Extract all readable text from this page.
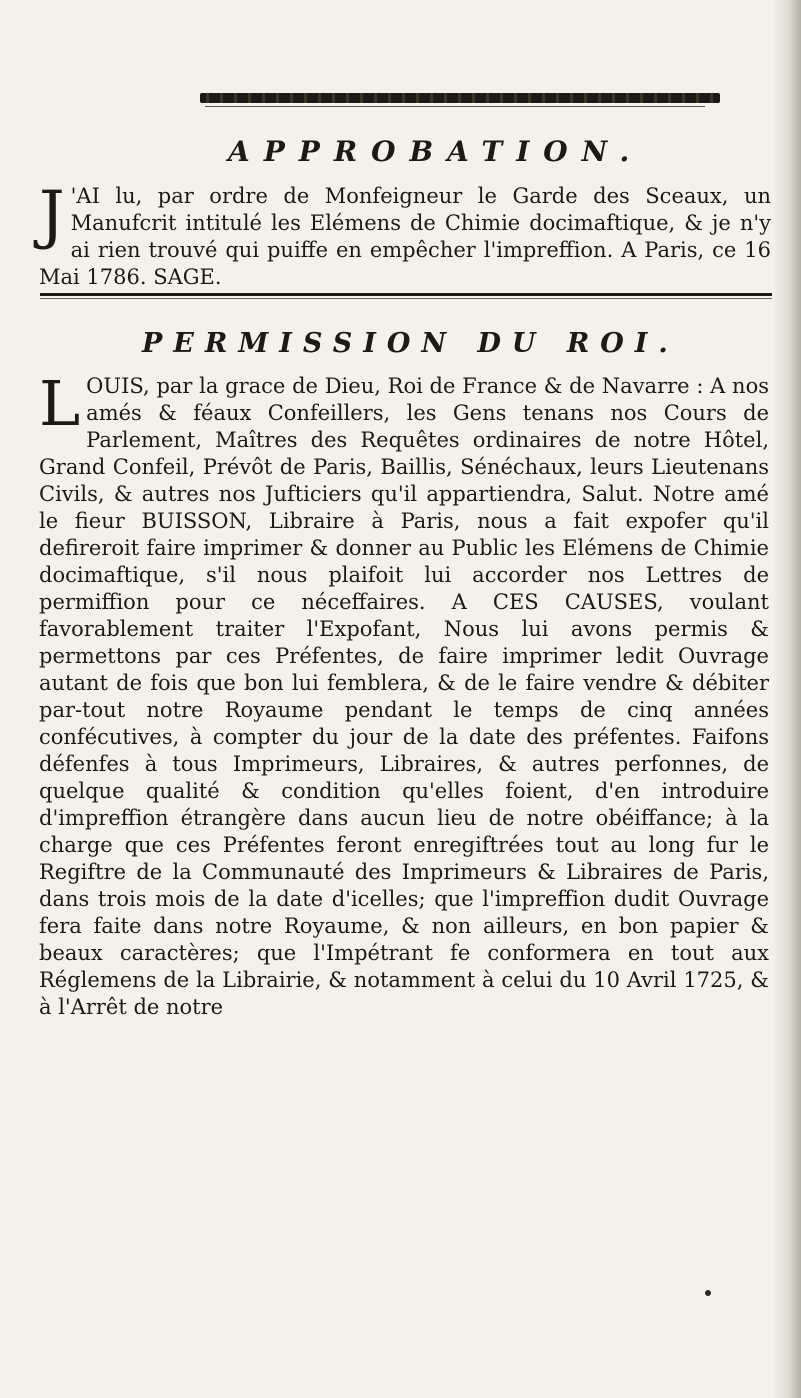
APPROBATION.
J 'AI lu, par ordre de Monfeigneur le Garde des Sceaux, un Manufcrit intitulé les Elémens de Chimie docimaftique, & je n'y ai rien trouvé qui puiffe en empêcher l'impreffion. A Paris, ce 16 Mai 1786. SAGE.
PERMISSION DU ROI.
L OUIS, par la grace de Dieu, Roi de France & de Navarre : A nos amés & féaux Confeillers, les Gens tenans nos Cours de Parlement, Maîtres des Requêtes ordinaires de notre Hôtel, Grand Confeil, Prévôt de Paris, Baillis, Sénéchaux, leurs Lieutenans Civils, & autres nos Jufticiers qu'il appartiendra, Salut. Notre amé le fieur BUISSON, Libraire à Paris, nous a fait expofer qu'il defireroit faire imprimer & donner au Public les Elémens de Chimie docimaftique, s'il nous plaifoit lui accorder nos Lettres de permiffion pour ce néceffaires. A CES CAUSES, voulant favorablement traiter l'Expofant, Nous lui avons permis & permettons par ces Préfentes, de faire imprimer ledit Ouvrage autant de fois que bon lui femblera, & de le faire vendre & débiter par-tout notre Royaume pendant le temps de cinq années confécutives, à compter du jour de la date des préfentes. Faifons défenfes à tous Imprimeurs, Libraires, & autres perfonnes, de quelque qualité & condition qu'elles foient, d'en introduire d'impreffion étrangère dans aucun lieu de notre obéiffance; à la charge que ces Préfentes feront enregiftrées tout au long fur le Regiftre de la Communauté des Imprimeurs & Libraires de Paris, dans trois mois de la date d'icelles; que l'impreffion dudit Ouvrage fera faite dans notre Royaume, & non ailleurs, en bon papier & beaux caractères; que l'Impétrant fe conformera en tout aux Réglemens de la Librairie, & notamment à celui du 10 Avril 1725, & à l'Arrêt de notre
